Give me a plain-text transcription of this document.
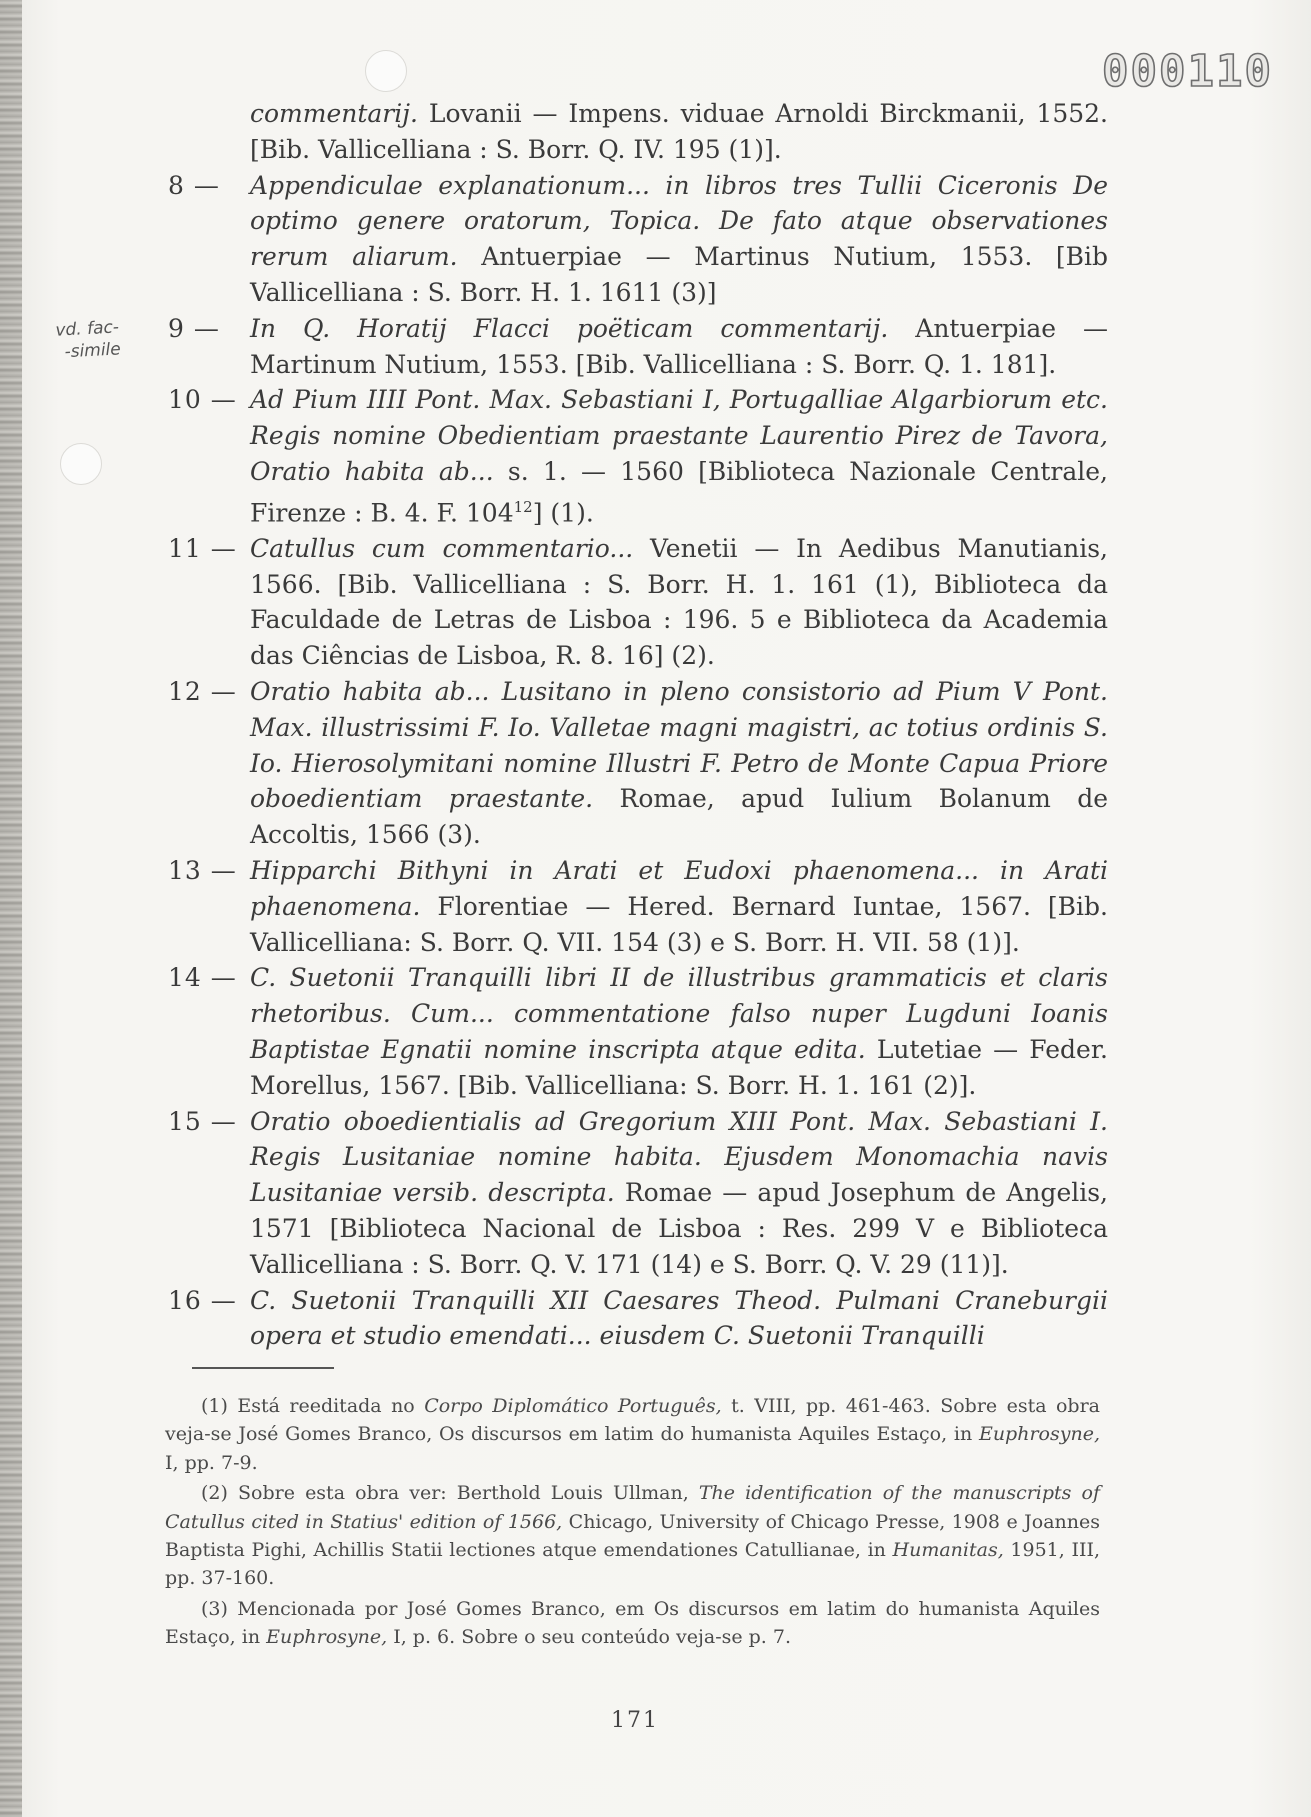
000110
vd. fac-
-simile
commentarij. Lovanii — Impens. viduae Arnoldi Birckmanii, 1552. [Bib. Vallicelliana : S. Borr. Q. IV. 195 (1)].
8 —	Appendiculae explanationum... in libros tres Tullii Ciceronis De optimo genere oratorum, Topica. De fato atque observationes rerum aliarum. Antuerpiae — Martinus Nutium, 1553. [Bib Vallicelliana : S. Borr. H. 1. 1611 (3)]
9 —	In Q. Horatij Flacci poëticam commentarij. Antuerpiae — Martinum Nutium, 1553. [Bib. Vallicelliana : S. Borr. Q. 1. 181].
10 — Ad Pium IIII Pont. Max. Sebastiani I, Portugalliae Algarbiorum etc. Regis nomine Obedientiam praestante Laurentio Pirez de Tavora, Oratio habita ab... s. 1. — 1560 [Biblioteca Nazionale Centrale, Firenze : B. 4. F. $104^{12}$] (1).
11 — Catullus cum commentario... Venetii — In Aedibus Manutianis, 1566. [Bib. Vallicelliana : S. Borr. H. 1. 161 (1), Biblioteca da Faculdade de Letras de Lisboa : 196. 5 e Biblioteca da Academia das Ciências de Lisboa, R. 8. 16] (2).
12 — Oratio habita ab... Lusitano in pleno consistorio ad Pium V Pont. Max. illustrissimi F. Io. Valletae magni magistri, ac totius ordinis S. Io. Hierosolymitani nomine Illustri F. Petro de Monte Capua Priore oboedientiam praestante. Romae, apud Iulium Bolanum de Accoltis, 1566 (3).
13 — Hipparchi Bithyni in Arati et Eudoxi phaenomena... in Arati phaenomena. Florentiae — Hered. Bernard Iuntae, 1567. [Bib. Vallicelliana: S. Borr. Q. VII. 154 (3) e S. Borr. H. VII. 58 (1)].
14 — C. Suetonii Tranquilli libri II de illustribus grammaticis et claris rhetoribus. Cum... commentatione falso nuper Lugduni Ioanis Baptistae Egnatii nomine inscripta atque edita. Lutetiae — Feder. Morellus, 1567. [Bib. Vallicelliana: S. Borr. H. 1. 161 (2)].
15 — Oratio oboedientialis ad Gregorium XIII Pont. Max. Sebastiani I. Regis Lusitaniae nomine habita. Ejusdem Monomachia navis Lusitaniae versib. descripta. Romae — apud Josephum de Angelis, 1571 [Biblioteca Nacional de Lisboa : Res. 299 V e Biblioteca Vallicelliana : S. Borr. Q. V. 171 (14) e S. Borr. Q. V. 29 (11)].
16 — C. Suetonii Tranquilli XII Caesares Theod. Pulmani Craneburgii opera et studio emendati... eiusdem C. Suetonii Tranquilli
(1) Está reeditada no Corpo Diplomático Português, t. VIII, pp. 461-463. Sobre esta obra veja-se José Gomes Branco, Os discursos em latim do humanista Aquiles Estaço, in Euphrosyne, I, pp. 7-9.
(2) Sobre esta obra ver: Berthold Louis Ullman, The identification of the manuscripts of Catullus cited in Statius' edition of 1566, Chicago, University of Chicago Presse, 1908 e Joannes Baptista Pighi, Achillis Statii lectiones atque emendationes Catullianae, in Humanitas, 1951, III, pp. 37-160.
(3) Mencionada por José Gomes Branco, em Os discursos em latim do humanista Aquiles Estaço, in Euphrosyne, I, p. 6. Sobre o seu conteúdo veja-se p. 7.
171
